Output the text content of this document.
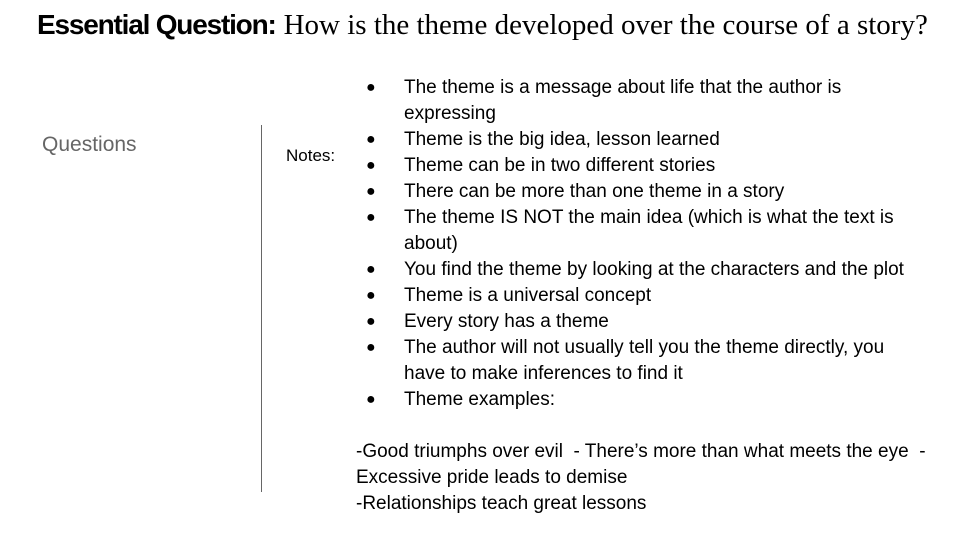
Essential Question: How is the theme developed over the course of a story?
Questions	Notes:
● The theme is a message about life that the author is expressing
● Theme is the big idea, lesson learned
● Theme can be in two different stories
● There can be more than one theme in a story
● The theme IS NOT the main idea (which is what the text is about)
● You find the theme by looking at the characters and the plot
● Theme is a universal concept
● Every story has a theme
● The author will not usually tell you the theme directly, you have to make inferences to find it
● Theme examples:
-Good triumphs over evil  - There’s more than what meets the eye  -Excessive pride leads to demise
-Relationships teach great lessons
